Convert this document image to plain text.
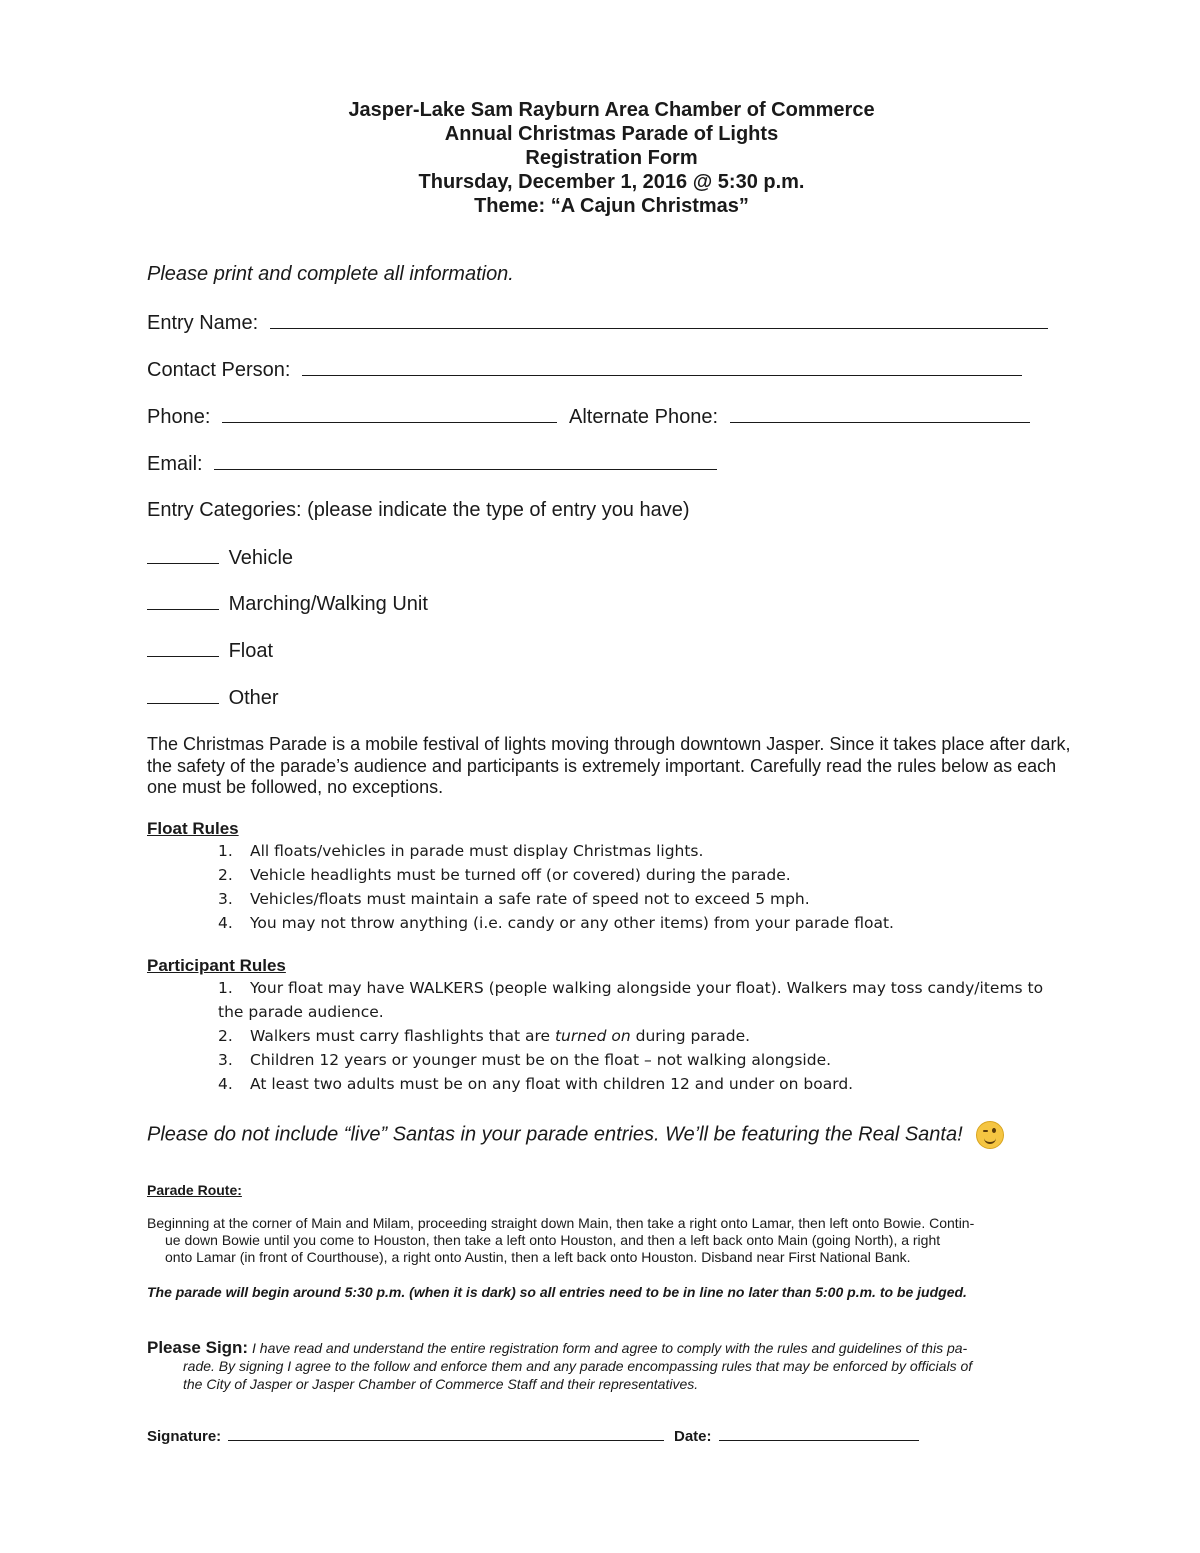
Jasper-Lake Sam Rayburn Area Chamber of Commerce
Annual Christmas Parade of Lights
Registration Form
Thursday, December 1, 2016 @ 5:30 p.m.
Theme: “A Cajun Christmas”
Please print and complete all information.
Entry Name:
Contact Person:
Phone:	Alternate Phone:
Email:
Entry Categories: (please indicate the type of entry you have)
Vehicle
Marching/Walking Unit
Float
Other
The Christmas Parade is a mobile festival of lights moving through downtown Jasper. Since it takes place after dark, the safety of the parade’s audience and participants is extremely important. Carefully read the rules below as each one must be followed, no exceptions.
Float Rules
1. All floats/vehicles in parade must display Christmas lights.
2. Vehicle headlights must be turned off (or covered) during the parade.
3. Vehicles/floats must maintain a safe rate of speed not to exceed 5 mph.
4. You may not throw anything (i.e. candy or any other items) from your parade float.
Participant Rules
1. Your float may have WALKERS (people walking alongside your float). Walkers may toss candy/items to
the parade audience.
2. Walkers must carry flashlights that are turned on during parade.
3. Children 12 years or younger must be on the float – not walking alongside.
4. At least two adults must be on any float with children 12 and under on board.
Please do not include “live” Santas in your parade entries. We’ll be featuring the Real Santa!
Parade Route:
Beginning at the corner of Main and Milam, proceeding straight down Main, then take a right onto Lamar, then left onto Bowie. Contin-
ue down Bowie until you come to Houston, then take a left onto Houston, and then a left back onto Main (going North), a right
onto Lamar (in front of Courthouse), a right onto Austin, then a left back onto Houston. Disband near First National Bank.
The parade will begin around 5:30 p.m. (when it is dark) so all entries need to be in line no later than 5:00 p.m. to be judged.
Please Sign: I have read and understand the entire registration form and agree to comply with the rules and guidelines of this pa-
rade. By signing I agree to the follow and enforce them and any parade encompassing rules that may be enforced by officials of
the City of Jasper or Jasper Chamber of Commerce Staff and their representatives.
Signature:	Date:
